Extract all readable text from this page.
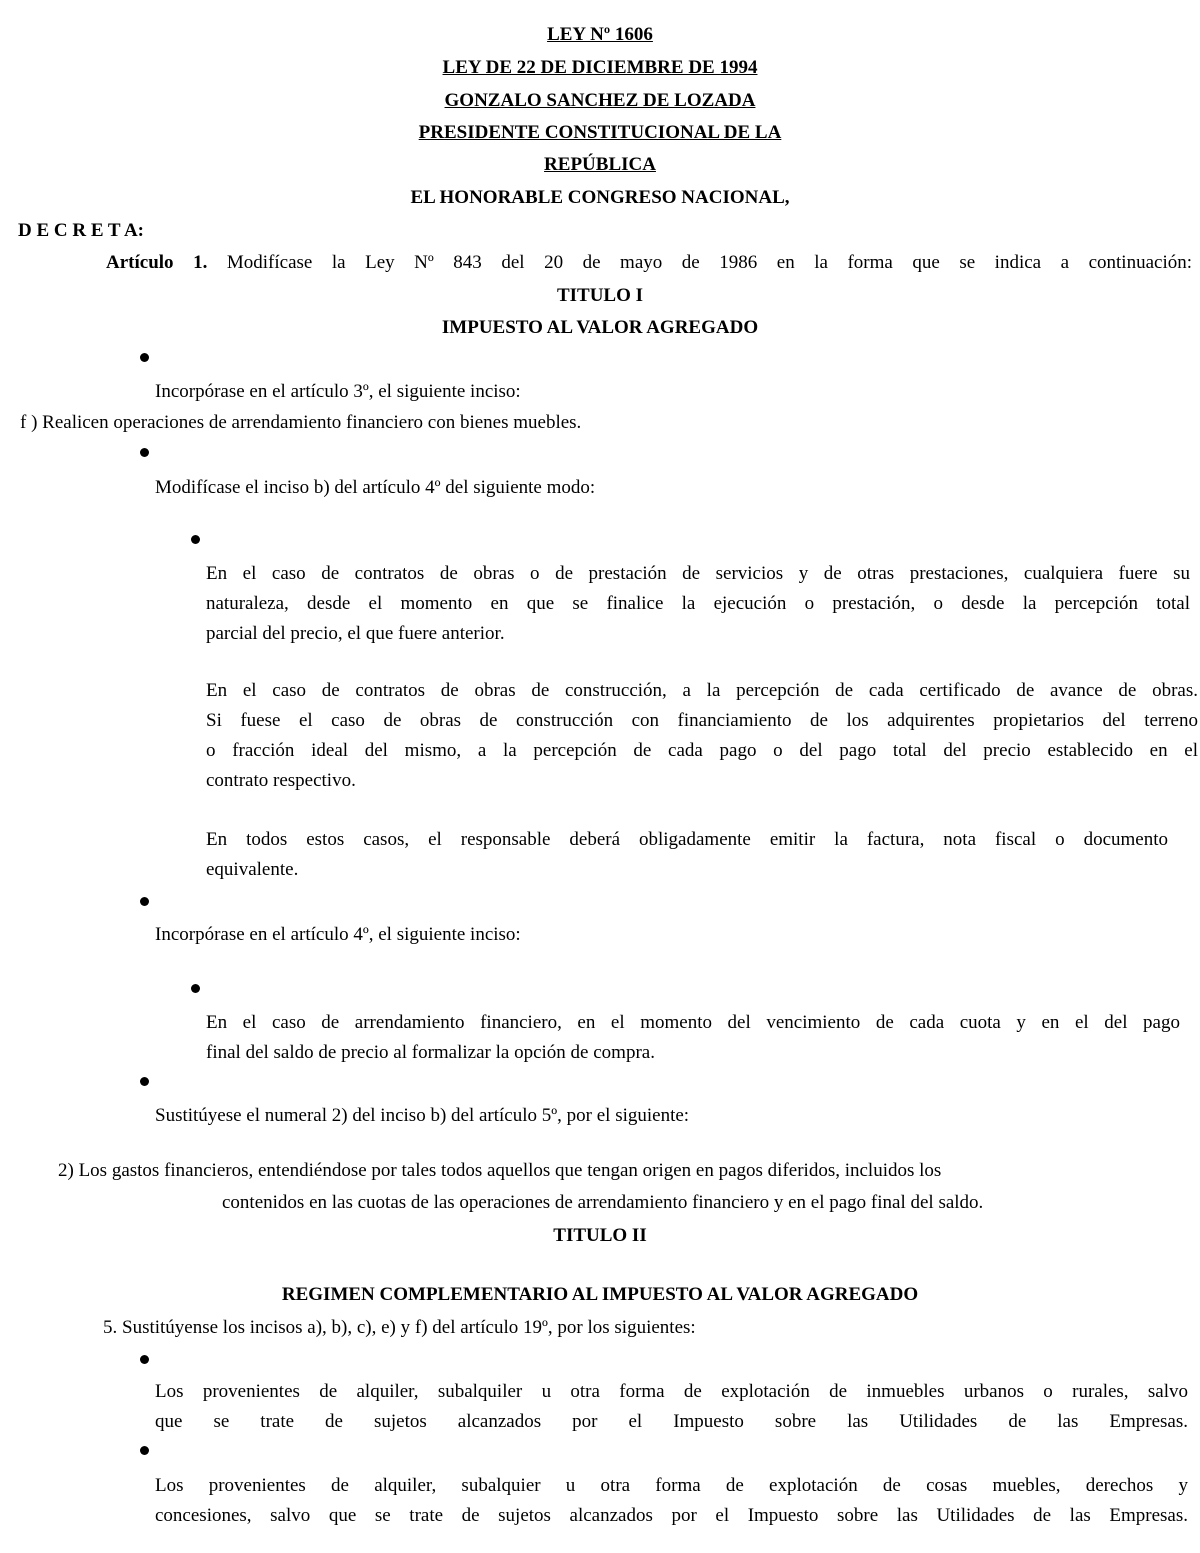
LEY Nº 1606

LEY DE 22 DE DICIEMBRE DE 1994

GONZALO SANCHEZ DE LOZADA

PRESIDENTE CONSTITUCIONAL DE LA

REPÚBLICA

EL HONORABLE CONGRESO NACIONAL,

D E C R E T A:

Artículo 1. Modifícase la Ley Nº 843 del 20 de mayo de 1986 en la forma que se indica a continuación:

TITULO I

IMPUESTO AL VALOR AGREGADO

Incorpórase en el artículo 3º, el siguiente inciso:

f ) Realicen operaciones de arrendamiento financiero con bienes muebles.

Modifícase el inciso b) del artículo 4º del siguiente modo:

En el caso de contratos de obras o de prestación de servicios y de otras prestaciones, cualquiera fuere su
naturaleza, desde el momento en que se finalice la ejecución o prestación, o desde la percepción total
parcial del precio, el que fuere anterior.
En el caso de contratos de obras de construcción, a la percepción de cada certificado de avance de obras.
Si fuese el caso de obras de construcción con financiamiento de los adquirentes propietarios del terreno
o fracción ideal del mismo, a la percepción de cada pago o del pago total del precio establecido en el
contrato respectivo.
En todos estos casos, el responsable deberá obligadamente emitir la factura, nota fiscal o documento
equivalente.

Incorpórase en el artículo 4º, el siguiente inciso:

En el caso de arrendamiento financiero, en el momento del vencimiento de cada cuota y en el del pago
final del saldo de precio al formalizar la opción de compra.

Sustitúyese el numeral 2) del inciso b) del artículo 5º, por el siguiente:

2) Los gastos financieros, entendiéndose por tales todos aquellos que tengan origen en pagos diferidos, incluidos los

contenidos en las cuotas de las operaciones de arrendamiento financiero y en el pago final del saldo.

TITULO II

REGIMEN COMPLEMENTARIO AL IMPUESTO AL VALOR AGREGADO

5. Sustitúyense los incisos a), b), c), e) y f) del artículo 19º, por los siguientes:

Los provenientes de alquiler, subalquiler u otra forma de explotación de inmuebles urbanos o rurales, salvo
que se trate de sujetos alcanzados por el Impuesto sobre las Utilidades de las Empresas.
Los provenientes de alquiler, subalquier u otra forma de explotación de cosas muebles, derechos y
concesiones, salvo que se trate de sujetos alcanzados por el Impuesto sobre las Utilidades de las Empresas.
